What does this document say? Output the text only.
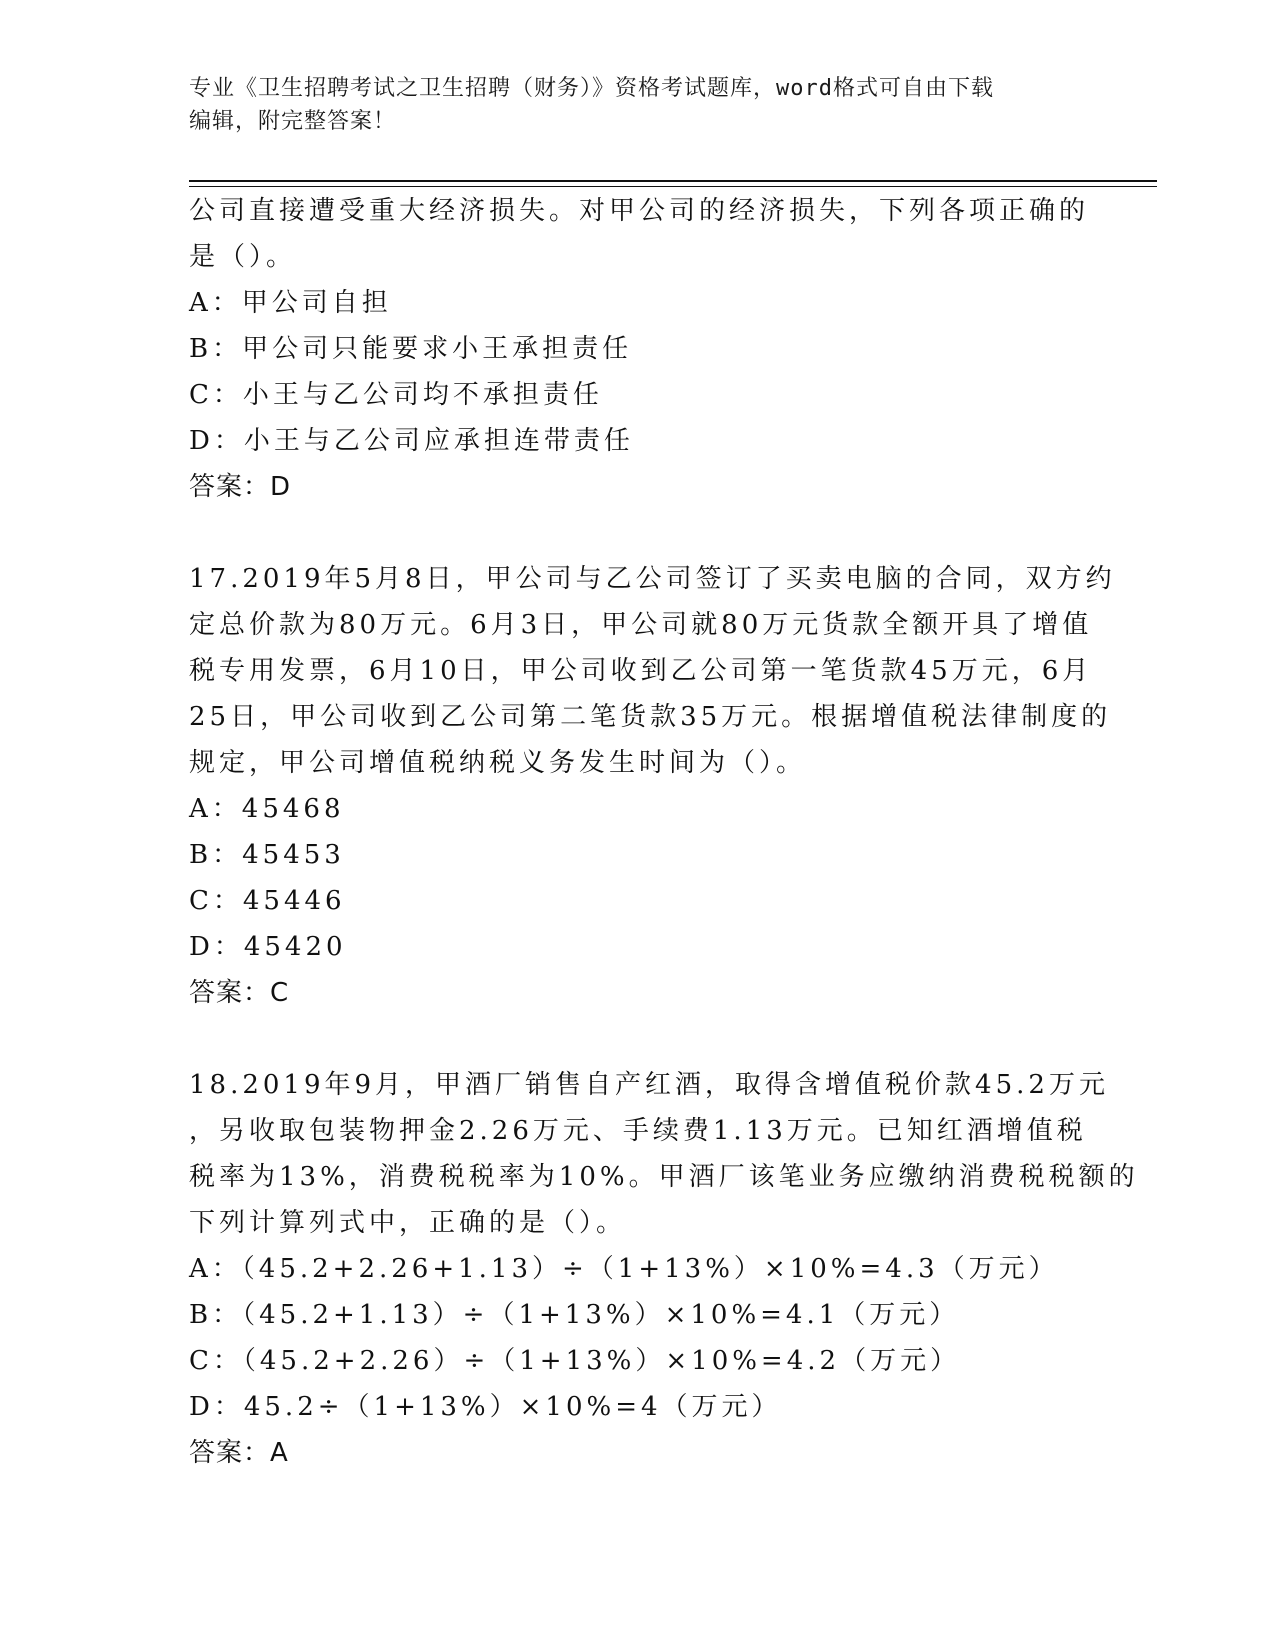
专业《卫生招聘考试之卫生招聘（财务）》资格考试题库，word格式可自由下载
编辑，附完整答案！
公司直接遭受重大经济损失。对甲公司的经济损失，下列各项正确的
是（）。
A：甲公司自担
B：甲公司只能要求小王承担责任
C：小王与乙公司均不承担责任
D：小王与乙公司应承担连带责任
答案：D
17.2019年5月8日，甲公司与乙公司签订了买卖电脑的合同，双方约
定总价款为80万元。6月3日，甲公司就80万元货款全额开具了增值
税专用发票，6月10日，甲公司收到乙公司第一笔货款45万元，6月
25日，甲公司收到乙公司第二笔货款35万元。根据增值税法律制度的
规定，甲公司增值税纳税义务发生时间为（）。
A：45468
B：45453
C：45446
D：45420
答案：C
18.2019年9月，甲酒厂销售自产红酒，取得含增值税价款45.2万元
，另收取包装物押金2.26万元、手续费1.13万元。已知红酒增值税
税率为13%，消费税税率为10%。甲酒厂该笔业务应缴纳消费税税额的
下列计算列式中，正确的是（）。
A：（45.2+2.26+1.13）÷（1+13%）×10%=4.3（万元）
B：（45.2+1.13）÷（1+13%）×10%=4.1（万元）
C：（45.2+2.26）÷（1+13%）×10%=4.2（万元）
D：45.2÷（1+13%）×10%=4（万元）
答案：A
